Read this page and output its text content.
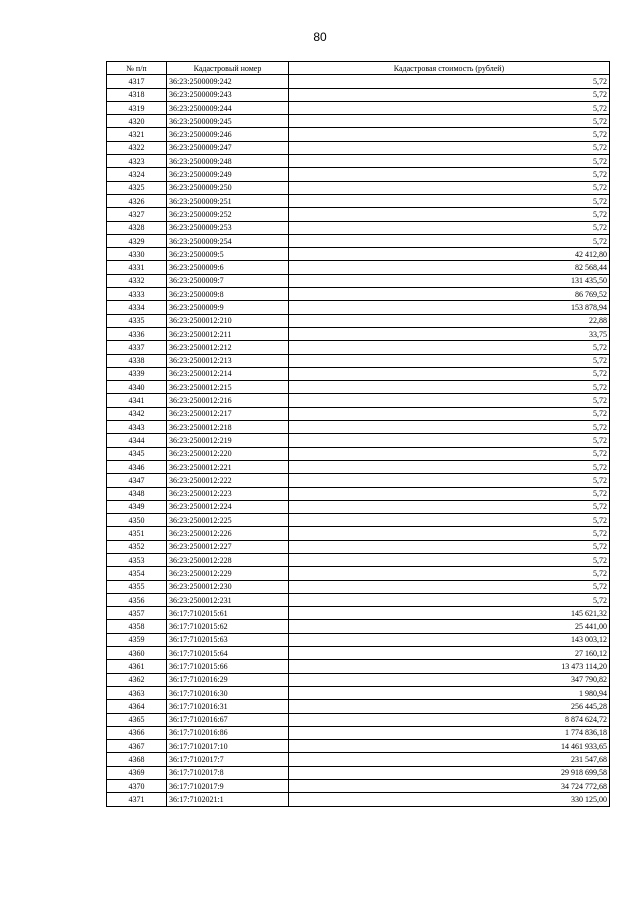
80
№ п/п	Кадастровый номер	Кадастровая стоимость (рублей)
4317	36:23:2500009:242	5,72
4318	36:23:2500009:243	5,72
4319	36:23:2500009:244	5,72
4320	36:23:2500009:245	5,72
4321	36:23:2500009:246	5,72
4322	36:23:2500009:247	5,72
4323	36:23:2500009:248	5,72
4324	36:23:2500009:249	5,72
4325	36:23:2500009:250	5,72
4326	36:23:2500009:251	5,72
4327	36:23:2500009:252	5,72
4328	36:23:2500009:253	5,72
4329	36:23:2500009:254	5,72
4330	36:23:2500009:5	42 412,80
4331	36:23:2500009:6	82 568,44
4332	36:23:2500009:7	131 435,50
4333	36:23:2500009:8	86 769,52
4334	36:23:2500009:9	153 878,94
4335	36:23:2500012:210	22,88
4336	36:23:2500012:211	33,75
4337	36:23:2500012:212	5,72
4338	36:23:2500012:213	5,72
4339	36:23:2500012:214	5,72
4340	36:23:2500012:215	5,72
4341	36:23:2500012:216	5,72
4342	36:23:2500012:217	5,72
4343	36:23:2500012:218	5,72
4344	36:23:2500012:219	5,72
4345	36:23:2500012:220	5,72
4346	36:23:2500012:221	5,72
4347	36:23:2500012:222	5,72
4348	36:23:2500012:223	5,72
4349	36:23:2500012:224	5,72
4350	36:23:2500012:225	5,72
4351	36:23:2500012:226	5,72
4352	36:23:2500012:227	5,72
4353	36:23:2500012:228	5,72
4354	36:23:2500012:229	5,72
4355	36:23:2500012:230	5,72
4356	36:23:2500012:231	5,72
4357	36:17:7102015:61	145 621,32
4358	36:17:7102015:62	25 441,00
4359	36:17:7102015:63	143 003,12
4360	36:17:7102015:64	27 160,12
4361	36:17:7102015:66	13 473 114,20
4362	36:17:7102016:29	347 790,82
4363	36:17:7102016:30	1 980,94
4364	36:17:7102016:31	256 445,28
4365	36:17:7102016:67	8 874 624,72
4366	36:17:7102016:86	1 774 836,18
4367	36:17:7102017:10	14 461 933,65
4368	36:17:7102017:7	231 547,68
4369	36:17:7102017:8	29 918 699,58
4370	36:17:7102017:9	34 724 772,68
4371	36:17:7102021:1	330 125,00
